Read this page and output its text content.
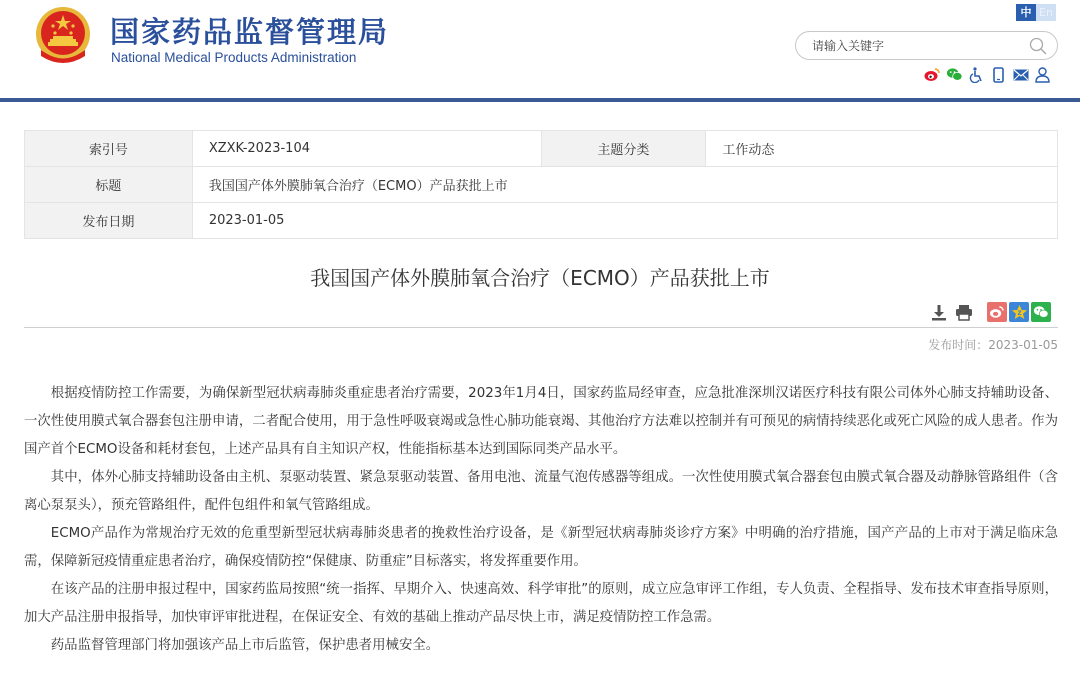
国家药品监督管理局
National Medical Products Administration
中 En
请输入关键字
索引号	XZXK-2023-104	主题分类	工作动态
标题	我国国产体外膜肺氧合治疗（ECMO）产品获批上市		
发布日期	2023-01-05		
我国国产体外膜肺氧合治疗（ECMO）产品获批上市
Z
发布时间：2023-01-05

根据疫情防控工作需要，为确保新型冠状病毒肺炎重症患者治疗需要，2023年1月4日，国家药监局经审查，应急批准深圳汉诺医疗科技有限公司体外心肺支持辅助设备、一次性使用膜式氧合器套包注册申请，二者配合使用，用于急性呼吸衰竭或急性心肺功能衰竭、其他治疗方法难以控制并有可预见的病情持续恶化或死亡风险的成人患者。作为国产首个ECMO设备和耗材套包，上述产品具有自主知识产权，性能指标基本达到国际同类产品水平。

其中，体外心肺支持辅助设备由主机、泵驱动装置、紧急泵驱动装置、备用电池、流量气泡传感器等组成。一次性使用膜式氧合器套包由膜式氧合器及动静脉管路组件（含离心泵泵头），预充管路组件，配件包组件和氧气管路组成。

ECMO产品作为常规治疗无效的危重型新型冠状病毒肺炎患者的挽救性治疗设备，是《新型冠状病毒肺炎诊疗方案》中明确的治疗措施，国产产品的上市对于满足临床急需，保障新冠疫情重症患者治疗，确保疫情防控“保健康、防重症”目标落实，将发挥重要作用。

在该产品的注册申报过程中，国家药监局按照“统一指挥、早期介入、快速高效、科学审批”的原则，成立应急审评工作组，专人负责、全程指导、发布技术审查指导原则，加大产品注册申报指导，加快审评审批进程，在保证安全、有效的基础上推动产品尽快上市，满足疫情防控工作急需。

药品监督管理部门将加强该产品上市后监管，保护患者用械安全。
